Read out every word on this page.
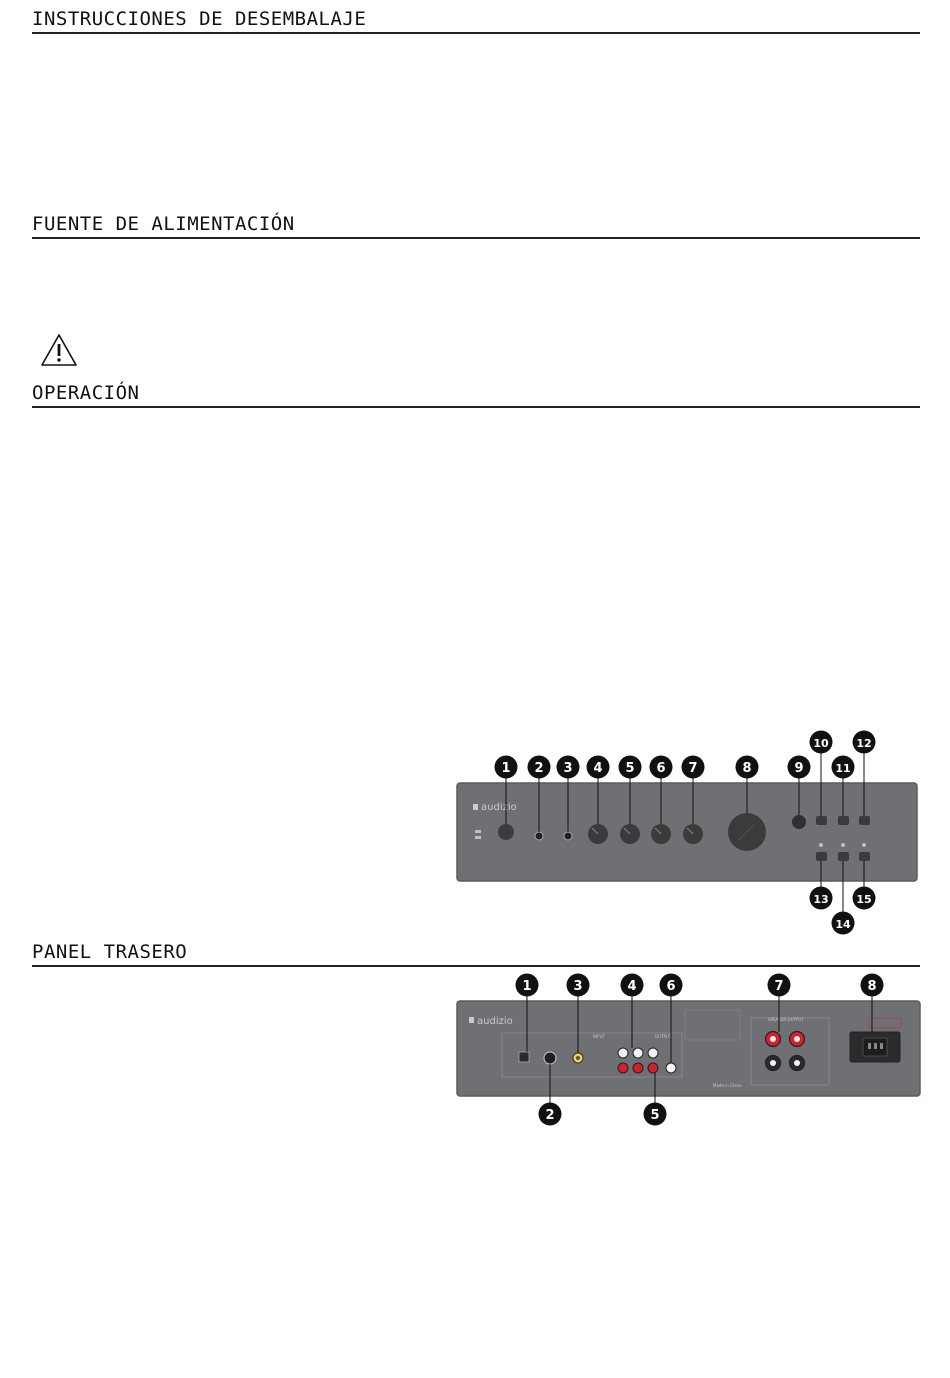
INSTRUCCIONES DE DESEMBALAJE
FUENTE DE ALIMENTACIÓN
OPERACIÓN
PANEL TRASERO
audizio
1 2 3 4 5 6 7	8	9
10
11
12
13
14
15
audizio
INPUT	OUTPUT
SPEAKER OUTPUT
Made in China
1
2
3	4
5
6	7	8
